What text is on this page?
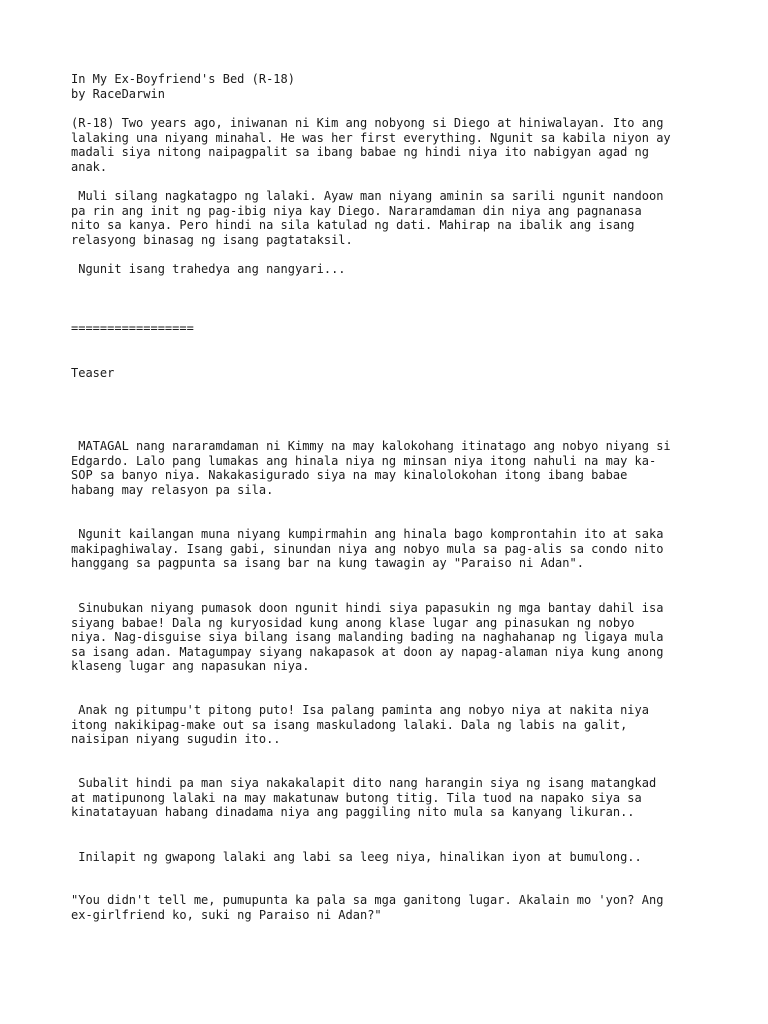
In My Ex-Boyfriend's Bed (R-18)

by RaceDarwin

(R-18) Two years ago, iniwanan ni Kim ang nobyong si Diego at hiniwalayan. Ito ang
lalaking una niyang minahal. He was her first everything. Ngunit sa kabila niyon ay
madali siya nitong naipagpalit sa ibang babae ng hindi niya ito nabigyan agad ng
anak.

Muli silang nagkatagpo ng lalaki. Ayaw man niyang aminin sa sarili ngunit nandoon
pa rin ang init ng pag-ibig niya kay Diego. Nararamdaman din niya ang pagnanasa
nito sa kanya. Pero hindi na sila katulad ng dati. Mahirap na ibalik ang isang
relasyong binasag ng isang pagtataksil.

Ngunit isang trahedya ang nangyari...

=================

Teaser

MATAGAL nang nararamdaman ni Kimmy na may kalokohang itinatago ang nobyo niyang si
Edgardo. Lalo pang lumakas ang hinala niya ng minsan niya itong nahuli na may ka-
SOP sa banyo niya. Nakakasigurado siya na may kinalolokohan itong ibang babae
habang may relasyon pa sila.

Ngunit kailangan muna niyang kumpirmahin ang hinala bago komprontahin ito at saka
makipaghiwalay. Isang gabi, sinundan niya ang nobyo mula sa pag-alis sa condo nito
hanggang sa pagpunta sa isang bar na kung tawagin ay "Paraiso ni Adan".

Sinubukan niyang pumasok doon ngunit hindi siya papasukin ng mga bantay dahil isa
siyang babae! Dala ng kuryosidad kung anong klase lugar ang pinasukan ng nobyo
niya. Nag-disguise siya bilang isang malanding bading na naghahanap ng ligaya mula
sa isang adan. Matagumpay siyang nakapasok at doon ay napag-alaman niya kung anong
klaseng lugar ang napasukan niya.

Anak ng pitumpu't pitong puto! Isa palang paminta ang nobyo niya at nakita niya
itong nakikipag-make out sa isang maskuladong lalaki. Dala ng labis na galit,
naisipan niyang sugudin ito..

Subalit hindi pa man siya nakakalapit dito nang harangin siya ng isang matangkad
at matipunong lalaki na may makatunaw butong titig. Tila tuod na napako siya sa
kinatatayuan habang dinadama niya ang paggiling nito mula sa kanyang likuran..

Inilapit ng gwapong lalaki ang labi sa leeg niya, hinalikan iyon at bumulong..

"You didn't tell me, pumupunta ka pala sa mga ganitong lugar. Akalain mo 'yon? Ang
ex-girlfriend ko, suki ng Paraiso ni Adan?"
